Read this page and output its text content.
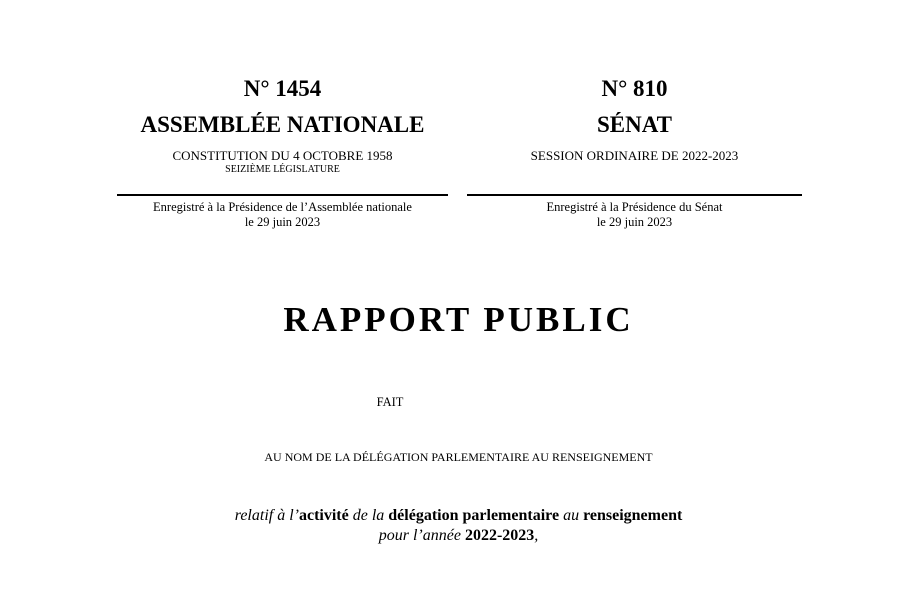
N° 1454
ASSEMBLÉE NATIONALE
CONSTITUTION DU 4 OCTOBRE 1958
SEIZIÈME LÉGISLATURE
Enregistré à la Présidence de l’Assemblée nationale
le 29 juin 2023
N° 810
SÉNAT
SESSION ORDINAIRE DE 2022-2023
Enregistré à la Présidence du Sénat
le 29 juin 2023
RAPPORT PUBLIC
FAIT
AU NOM DE LA DÉLÉGATION PARLEMENTAIRE AU RENSEIGNEMENT
relatif à l’activité de la délégation parlementaire au renseignement
pour l’année 2022-2023,
